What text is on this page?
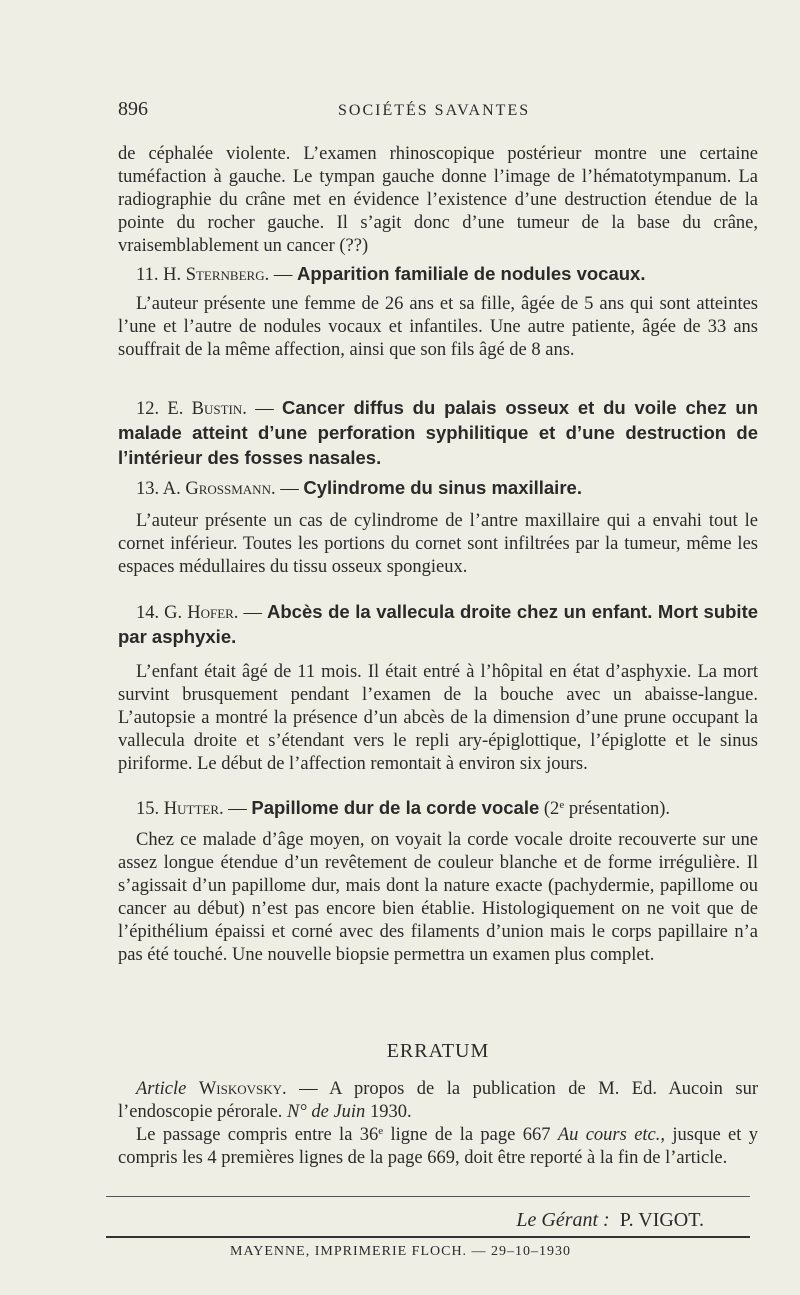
896	SOCIÉTÉS SAVANTES

de céphalée violente. L’examen rhinoscopique postérieur montre une certaine tuméfaction à gauche. Le tympan gauche donne l’image de l’hématotympanum. La radiographie du crâne met en évidence l’existence d’une destruction étendue de la pointe du rocher gauche. Il s’agit donc d’une tumeur de la base du crâne, vraisemblablement un cancer (??)

11. H. Sternberg. — Apparition familiale de nodules vocaux.

L’auteur présente une femme de 26 ans et sa fille, âgée de 5 ans qui sont atteintes l’une et l’autre de nodules vocaux et infantiles. Une autre patiente, âgée de 33 ans souffrait de la même affection, ainsi que son fils âgé de 8 ans.

12. E. Bustin. — Cancer diffus du palais osseux et du voile chez un malade atteint d’une perforation syphilitique et d’une destruction de l’intérieur des fosses nasales.
13. A. Grossmann. — Cylindrome du sinus maxillaire.

L’auteur présente un cas de cylindrome de l’antre maxillaire qui a envahi tout le cornet inférieur. Toutes les portions du cornet sont infiltrées par la tumeur, même les espaces médullaires du tissu osseux spongieux.

14. G. Hofer. — Abcès de la vallecula droite chez un enfant. Mort subite par asphyxie.

L’enfant était âgé de 11 mois. Il était entré à l’hôpital en état d’asphyxie. La mort survint brusquement pendant l’examen de la bouche avec un abaisse-langue. L’autopsie a montré la présence d’un abcès de la dimension d’une prune occupant la vallecula droite et s’étendant vers le repli ary-épiglottique, l’épiglotte et le sinus piriforme. Le début de l’affection remontait à environ six jours.

15. Hutter. — Papillome dur de la corde vocale (2e présentation).

Chez ce malade d’âge moyen, on voyait la corde vocale droite recouverte sur une assez longue étendue d’un revêtement de couleur blanche et de forme irrégulière. Il s’agissait d’un papillome dur, mais dont la nature exacte (pachydermie, papillome ou cancer au début) n’est pas encore bien établie. Histologiquement on ne voit que de l’épithélium épaissi et corné avec des filaments d’union mais le corps papillaire n’a pas été touché. Une nouvelle biopsie permettra un examen plus complet.

ERRATUM

Article Wiskovsky. — A propos de la publication de M. Ed. Aucoin sur l’endoscopie pérorale. N° de Juin 1930.

Le passage compris entre la 36e ligne de la page 667 Au cours etc., jusque et y compris les 4 premières lignes de la page 669, doit être reporté à la fin de l’article.

Le Gérant : P. VIGOT.
MAYENNE, IMPRIMERIE FLOCH. — 29–10–1930
